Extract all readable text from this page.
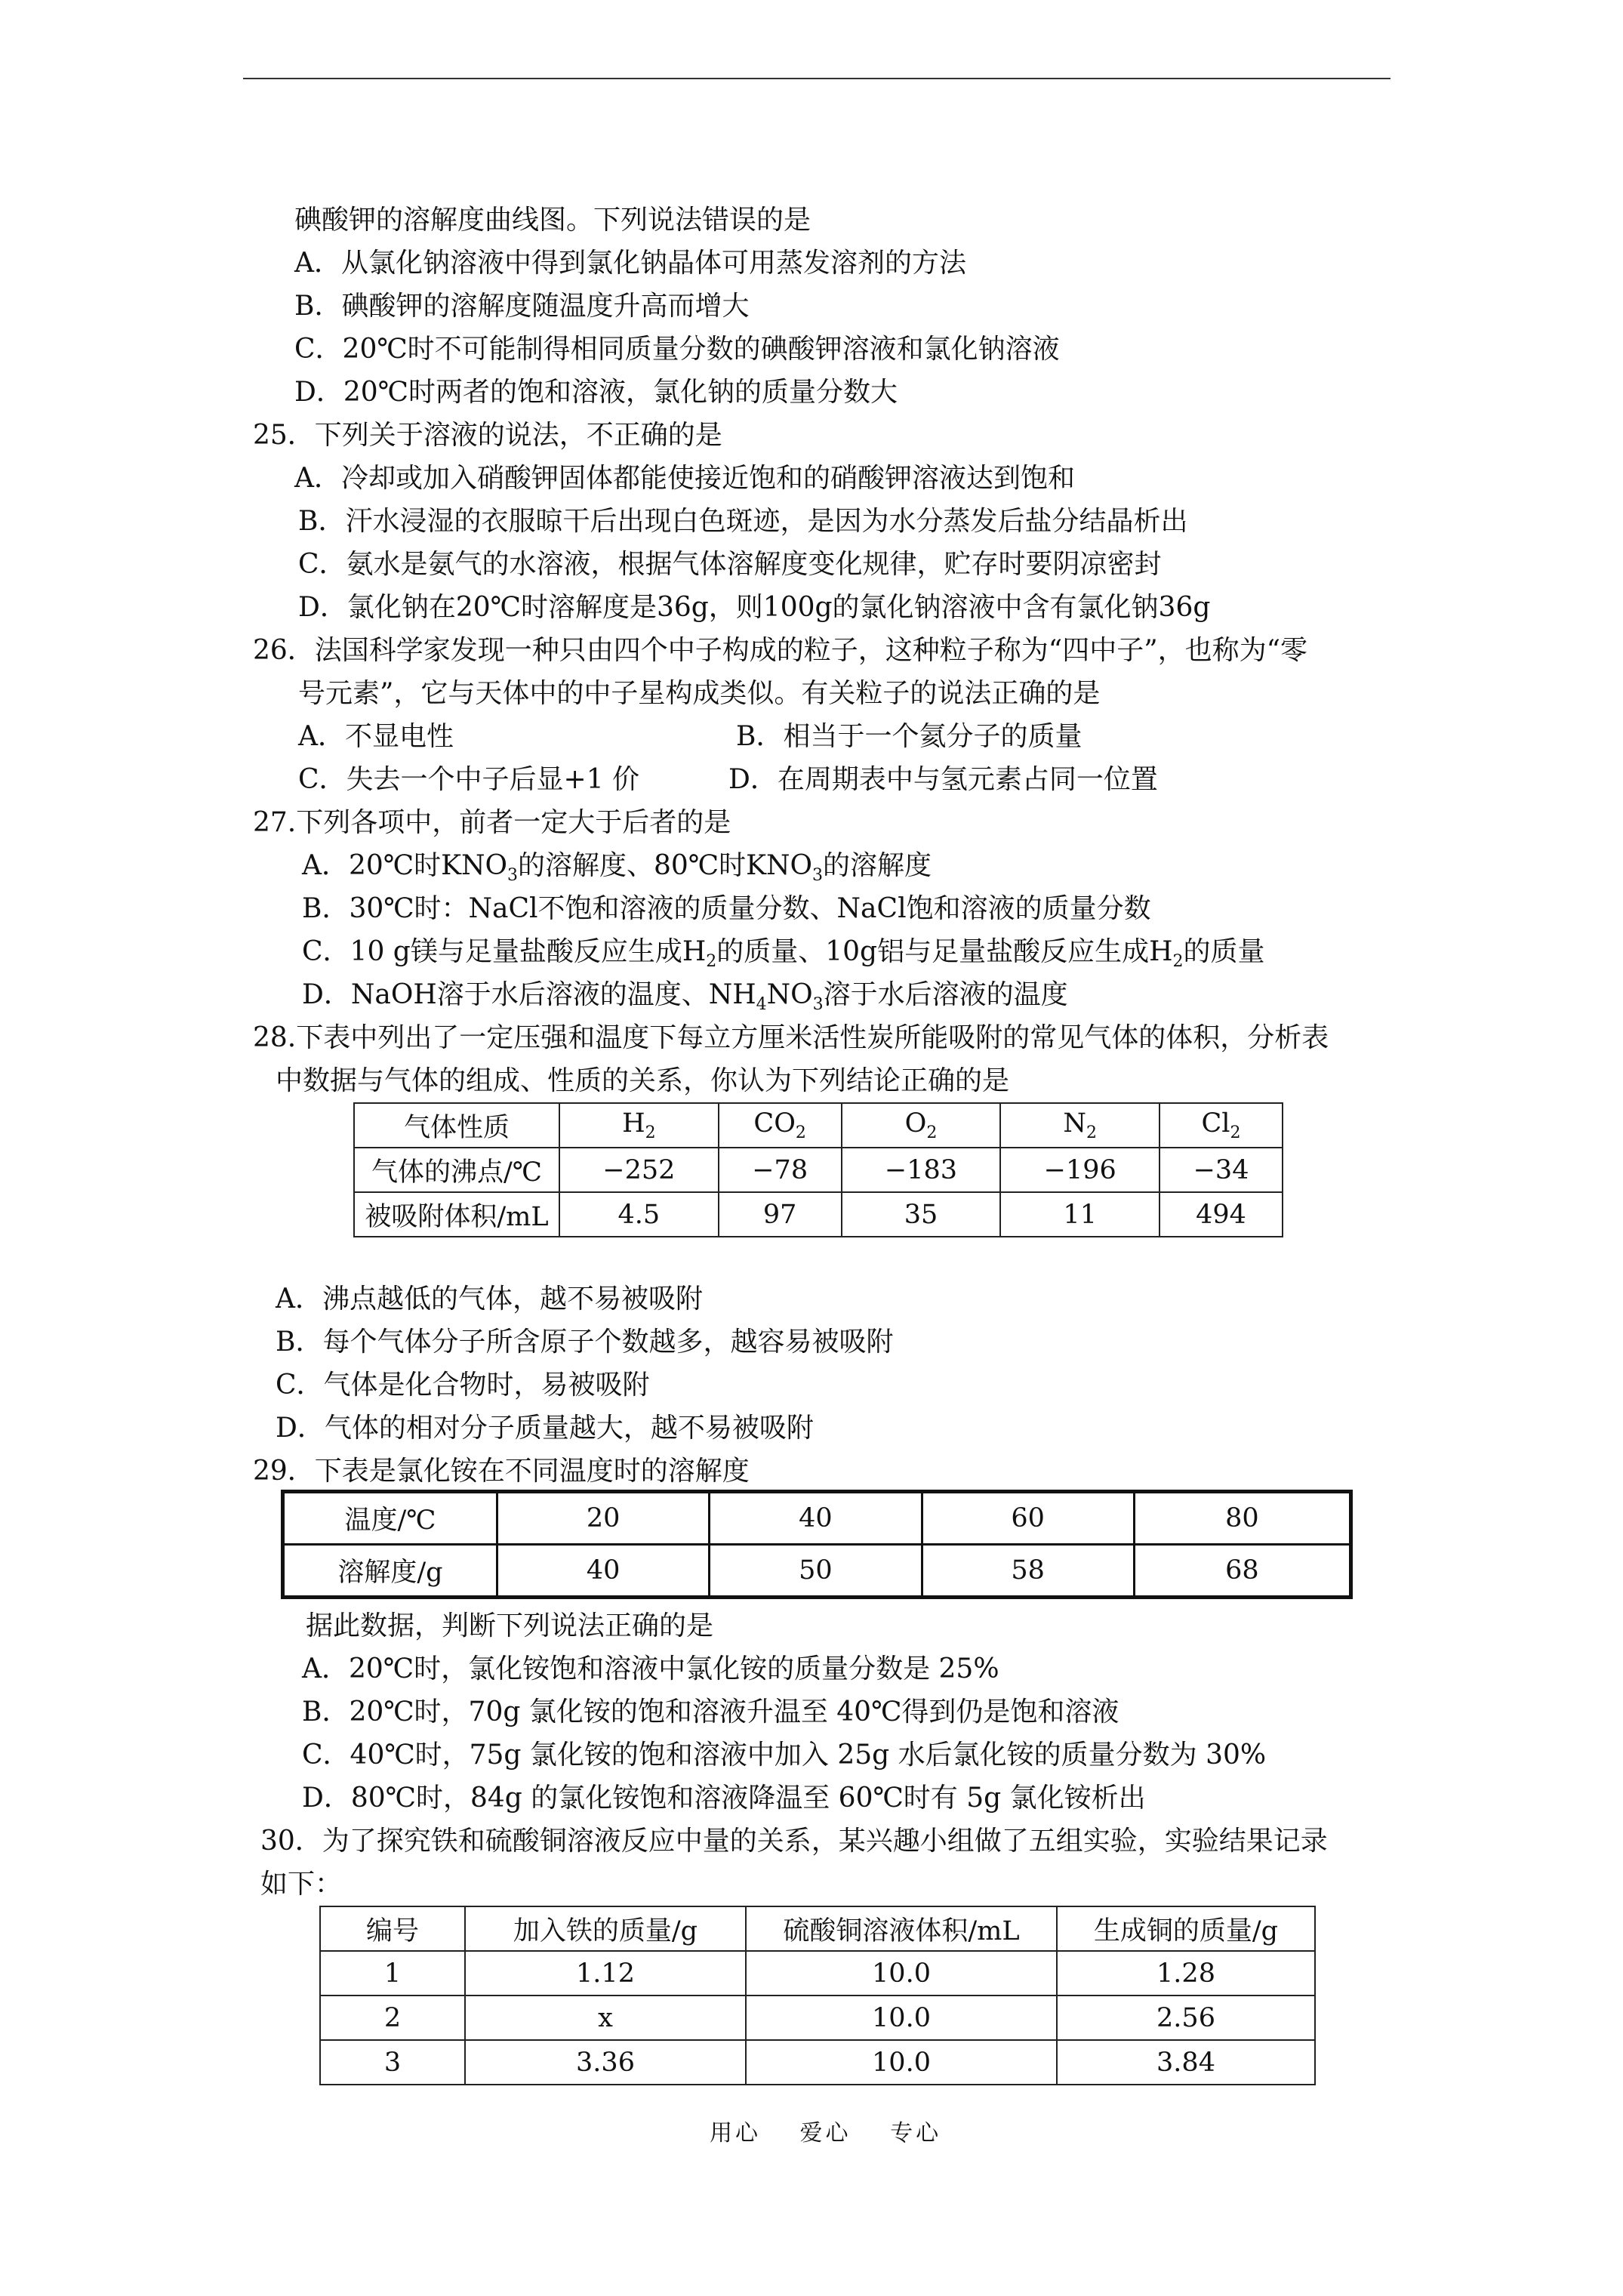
碘酸钾的溶解度曲线图。下列说法错误的是
A．从氯化钠溶液中得到氯化钠晶体可用蒸发溶剂的方法
B．碘酸钾的溶解度随温度升高而增大
C．20℃时不可能制得相同质量分数的碘酸钾溶液和氯化钠溶液
D．20℃时两者的饱和溶液，氯化钠的质量分数大
25．下列关于溶液的说法，不正确的是
A．冷却或加入硝酸钾固体都能使接近饱和的硝酸钾溶液达到饱和
B．汗水浸湿的衣服晾干后出现白色斑迹，是因为水分蒸发后盐分结晶析出
C．氨水是氨气的水溶液，根据气体溶解度变化规律，贮存时要阴凉密封
D．氯化钠在20℃时溶解度是36g，则100g的氯化钠溶液中含有氯化钠36g
26．法国科学家发现一种只由四个中子构成的粒子，这种粒子称为“四中子”，也称为“零
号元素”，它与天体中的中子星构成类似。有关粒子的说法正确的是
A．不显电性	B．相当于一个氦分子的质量
C．失去一个中子后显+1 价	D．在周期表中与氢元素占同一位置
27.下列各项中，前者一定大于后者的是
A．20℃时$KNO_3$的溶解度、80℃时$KNO_3$的溶解度
B．30℃时：NaCl不饱和溶液的质量分数、NaCl饱和溶液的质量分数
C．10 g镁与足量盐酸反应生成$H_2$的质量、10g铝与足量盐酸反应生成$H_2$的质量
D．NaOH溶于水后溶液的温度、$NH_4NO_3$溶于水后溶液的温度
28.下表中列出了一定压强和温度下每立方厘米活性炭所能吸附的常见气体的体积，分析表
中数据与气体的组成、性质的关系，你认为下列结论正确的是
气体性质	$H_2$	$CO_2$	$O_2$	$N_2$	$Cl_2$
气体的沸点/℃	−252	−78	−183	−196	−34
被吸附体积/mL	4.5	97	35	11	494
A．沸点越低的气体，越不易被吸附
B．每个气体分子所含原子个数越多，越容易被吸附
C．气体是化合物时，易被吸附
D．气体的相对分子质量越大，越不易被吸附
29．下表是氯化铵在不同温度时的溶解度
温度/℃	20	40	60	80
溶解度/g	40	50	58	68
据此数据，判断下列说法正确的是
A．20℃时，氯化铵饱和溶液中氯化铵的质量分数是 25%
B．20℃时，70g 氯化铵的饱和溶液升温至 40℃得到仍是饱和溶液
C．40℃时，75g 氯化铵的饱和溶液中加入 25g 水后氯化铵的质量分数为 30%
D．80℃时，84g 的氯化铵饱和溶液降温至 60℃时有 5g 氯化铵析出
30．为了探究铁和硫酸铜溶液反应中量的关系，某兴趣小组做了五组实验，实验结果记录
如下：
编号	加入铁的质量/g	硫酸铜溶液体积/mL	生成铜的质量/g
1	1.12	10.0	1.28
2	x	10.0	2.56
3	3.36	10.0	3.84
用心 爱心 专心
